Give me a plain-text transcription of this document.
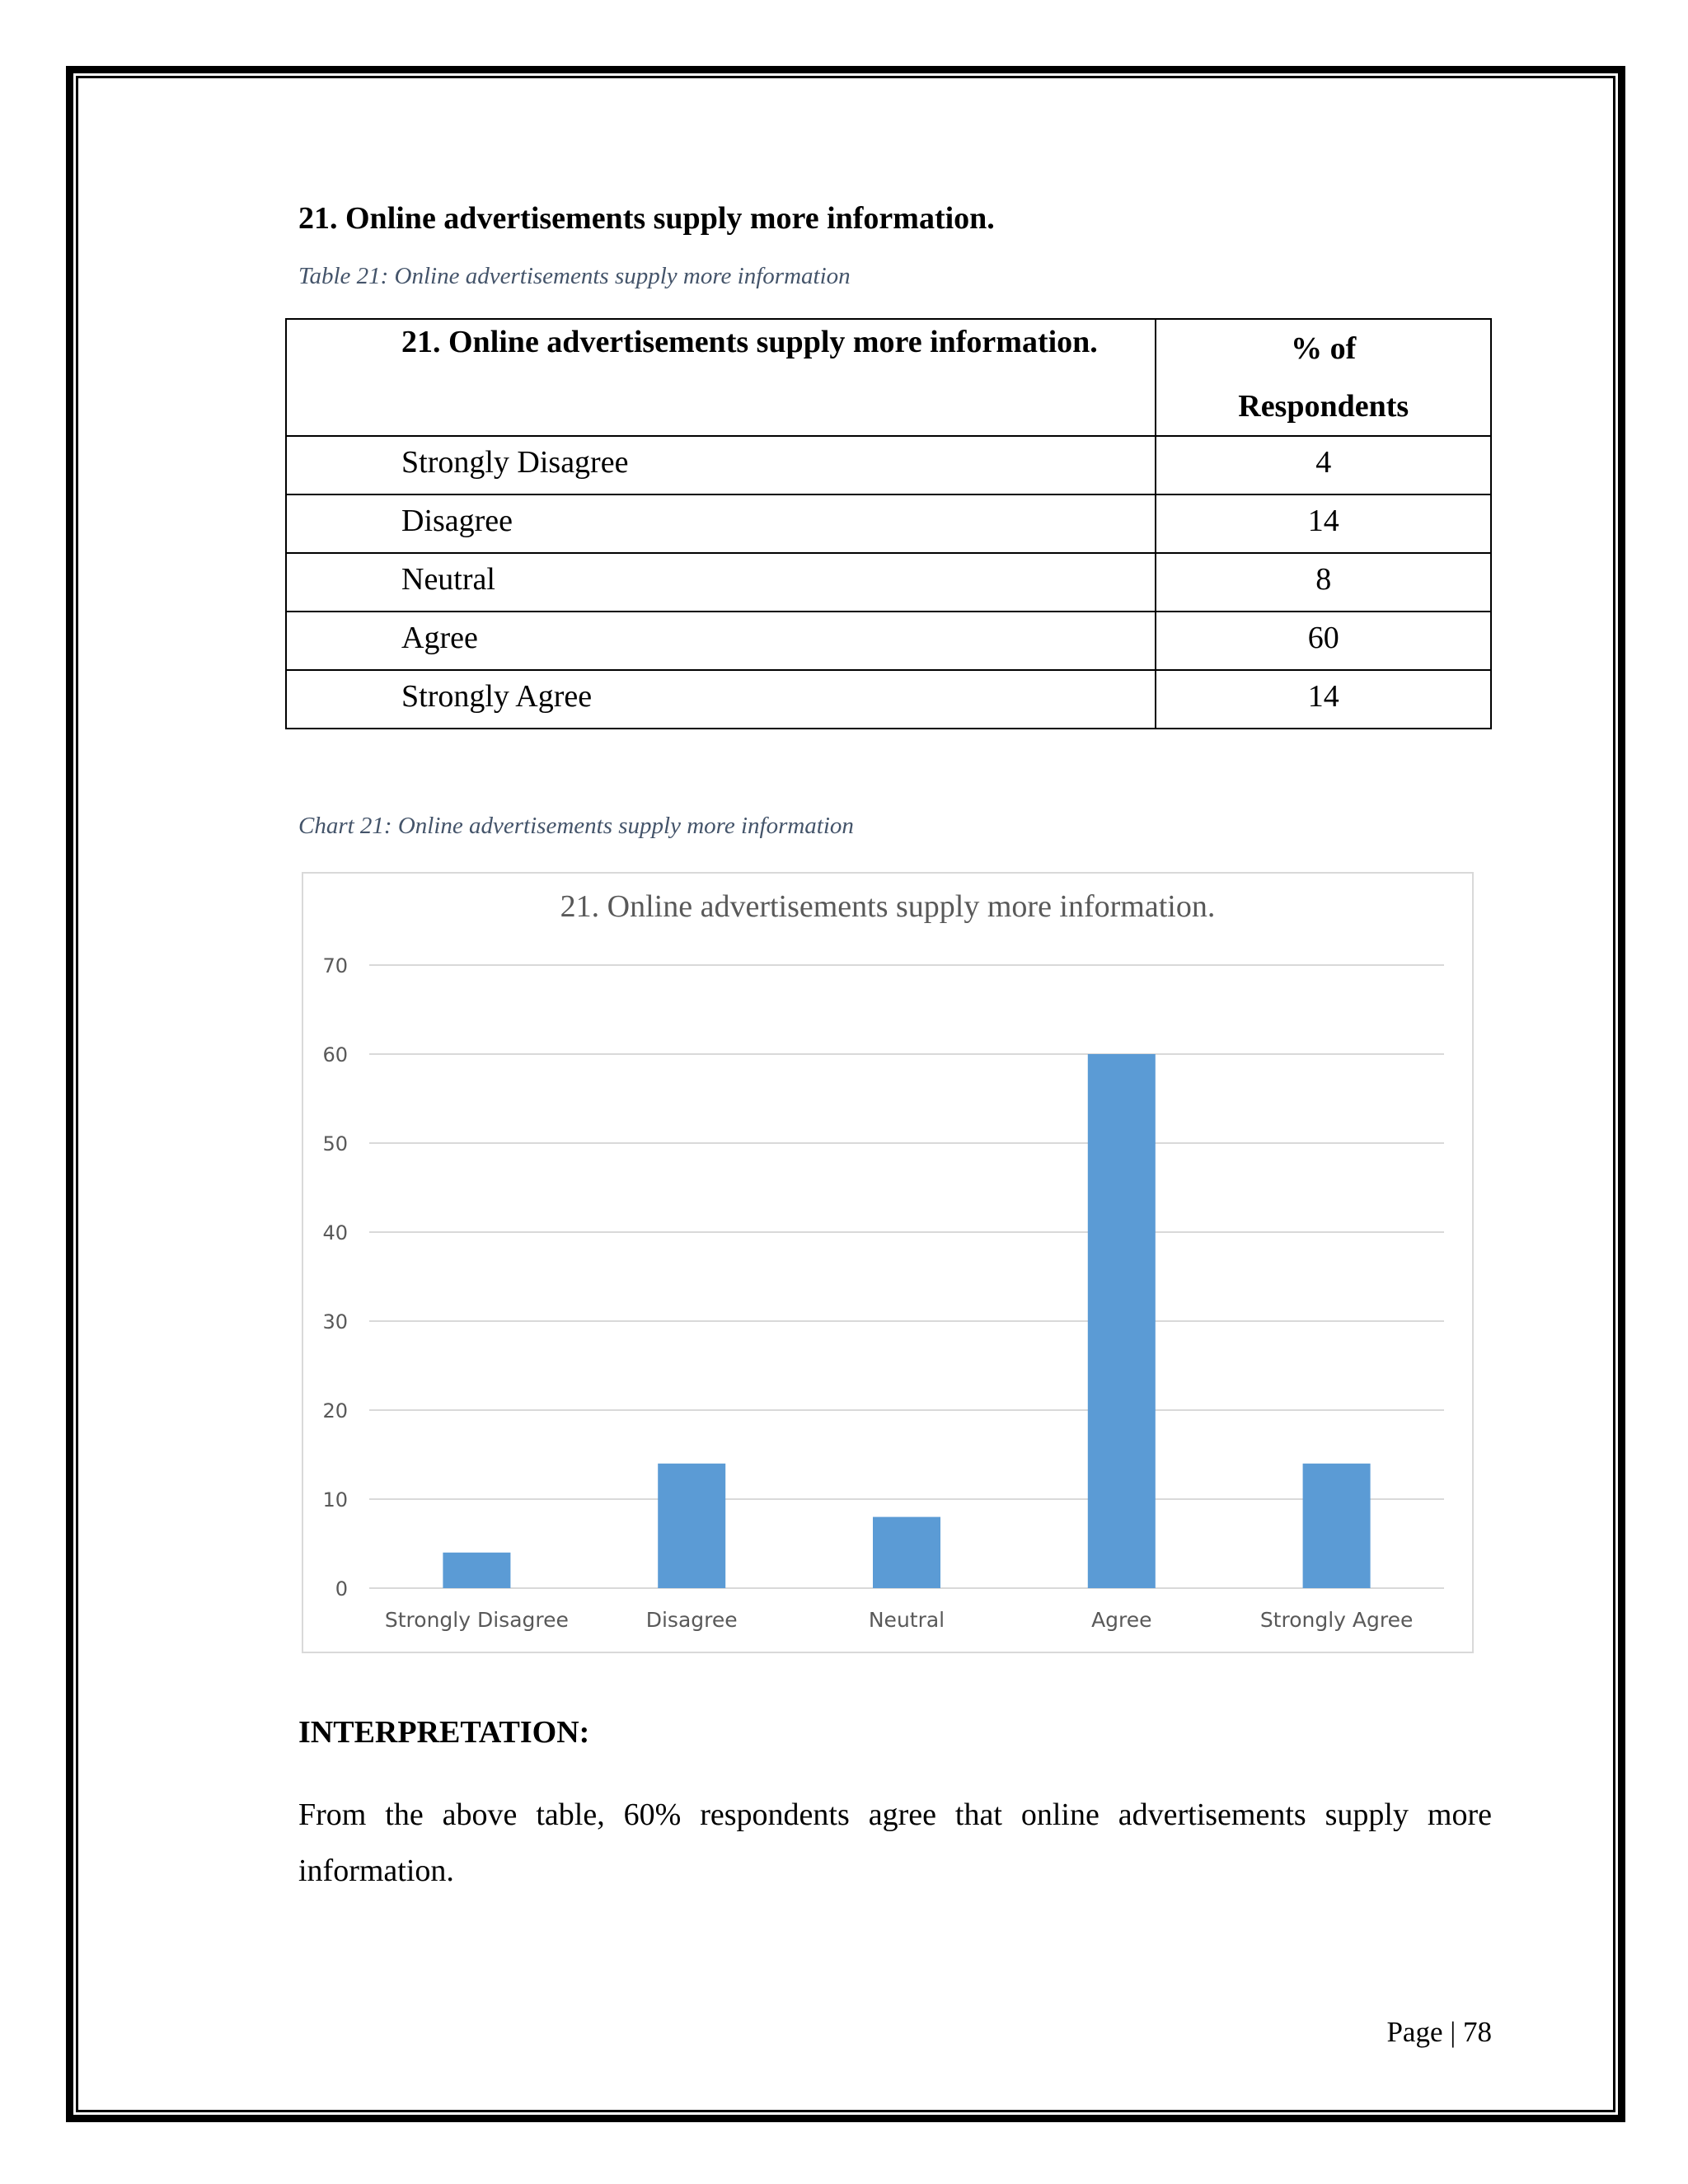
21. Online advertisements supply more information.

Table 21: Online advertisements supply more information

21. Online advertisements supply more information.	% of
Respondents
Strongly Disagree	4
Disagree	14
Neutral	8
Agree	60
Strongly Agree	14

Chart 21: Online advertisements supply more information

21. Online advertisements supply more information.
0
10
20
30
40
50
60
70
Strongly Disagree	Disagree	Neutral	Agree	Strongly Agree

INTERPRETATION:

From the above table, 60% respondents agree that online advertisements supply more information.

Page | 78
